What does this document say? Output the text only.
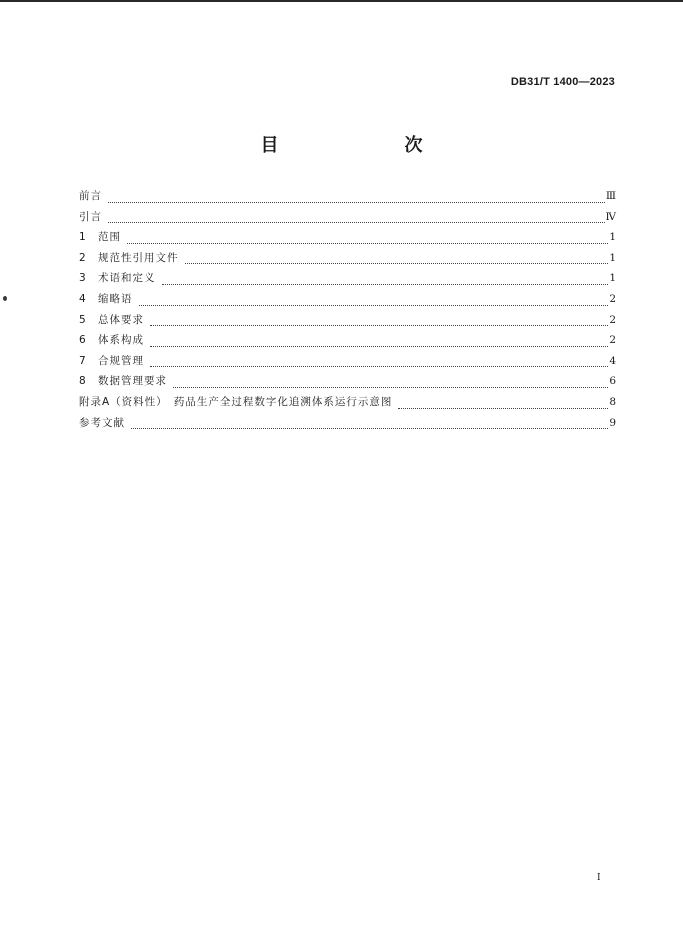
DB31/T 1400—2023
目　　次
前言	Ⅲ
引言	Ⅳ
1	范围	1
2	规范性引用文件	1
3	术语和定义	1
4	缩略语	2
5	总体要求	2
6	体系构成	2
7	合规管理	4
8	数据管理要求	6
附录A（资料性）　药品生产全过程数字化追溯体系运行示意图	8
参考文献	9
I
